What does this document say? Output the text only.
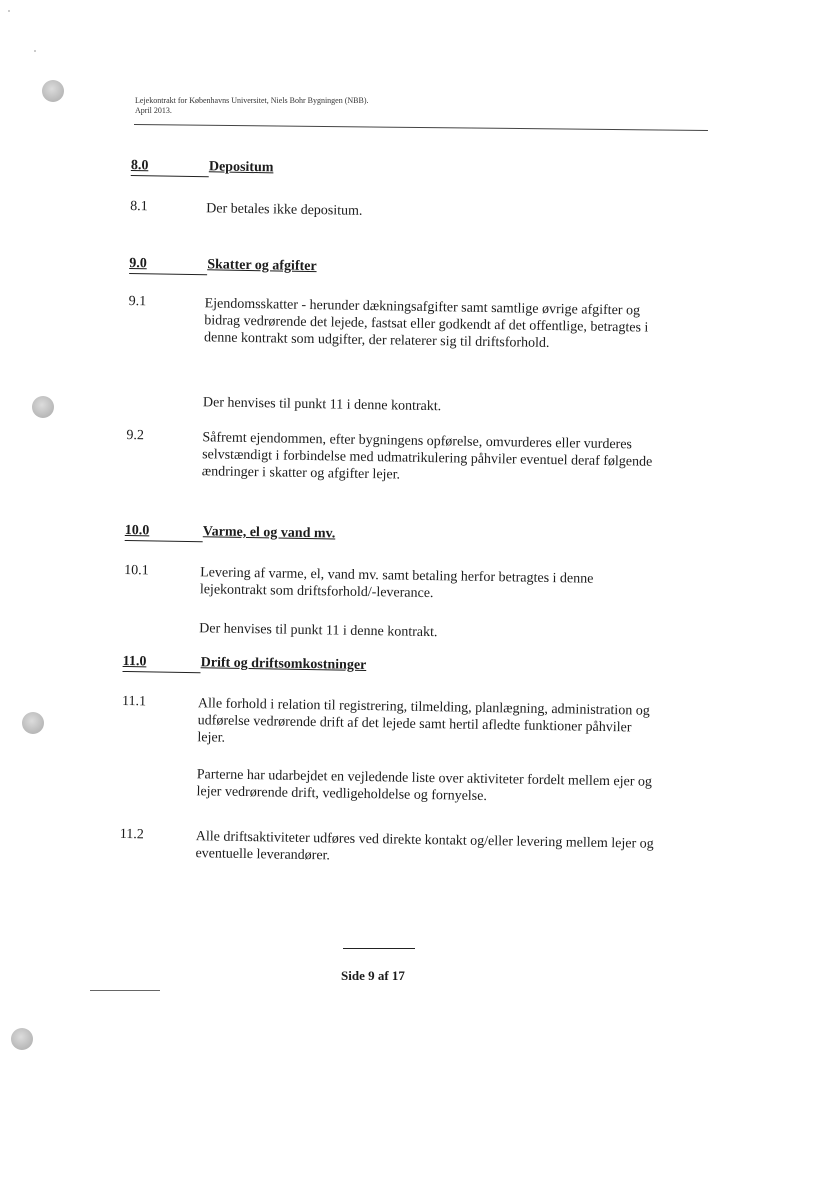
Lejekontrakt for Københavns Universitet, Niels Bohr Bygningen (NBB).
April 2013.
8.0	Depositum
8.1	Der betales ikke depositum.
9.0	Skatter og afgifter
9.1	Ejendomsskatter - herunder dækningsafgifter samt samtlige øvrige afgifter og bidrag vedrørende det lejede, fastsat eller godkendt af det offentlige, betragtes i denne kontrakt som udgifter, der relaterer sig til driftsforhold.
Der henvises til punkt 11 i denne kontrakt.
9.2	Såfremt ejendommen, efter bygningens opførelse, omvurderes eller vurderes selvstændigt i forbindelse med udmatrikulering påhviler eventuel deraf følgende ændringer i skatter og afgifter lejer.
10.0	Varme, el og vand mv.
10.1	Levering af varme, el, vand mv. samt betaling herfor betragtes i denne lejekontrakt som driftsforhold/-leverance.
Der henvises til punkt 11 i denne kontrakt.
11.0	Drift og driftsomkostninger
11.1	Alle forhold i relation til registrering, tilmelding, planlægning, administration og udførelse vedrørende drift af det lejede samt hertil afledte funktioner påhviler lejer.
Parterne har udarbejdet en vejledende liste over aktiviteter fordelt mellem ejer og lejer vedrørende drift, vedligeholdelse og fornyelse.
11.2	Alle driftsaktiviteter udføres ved direkte kontakt og/eller levering mellem lejer og eventuelle leverandører.
Side 9 af 17
